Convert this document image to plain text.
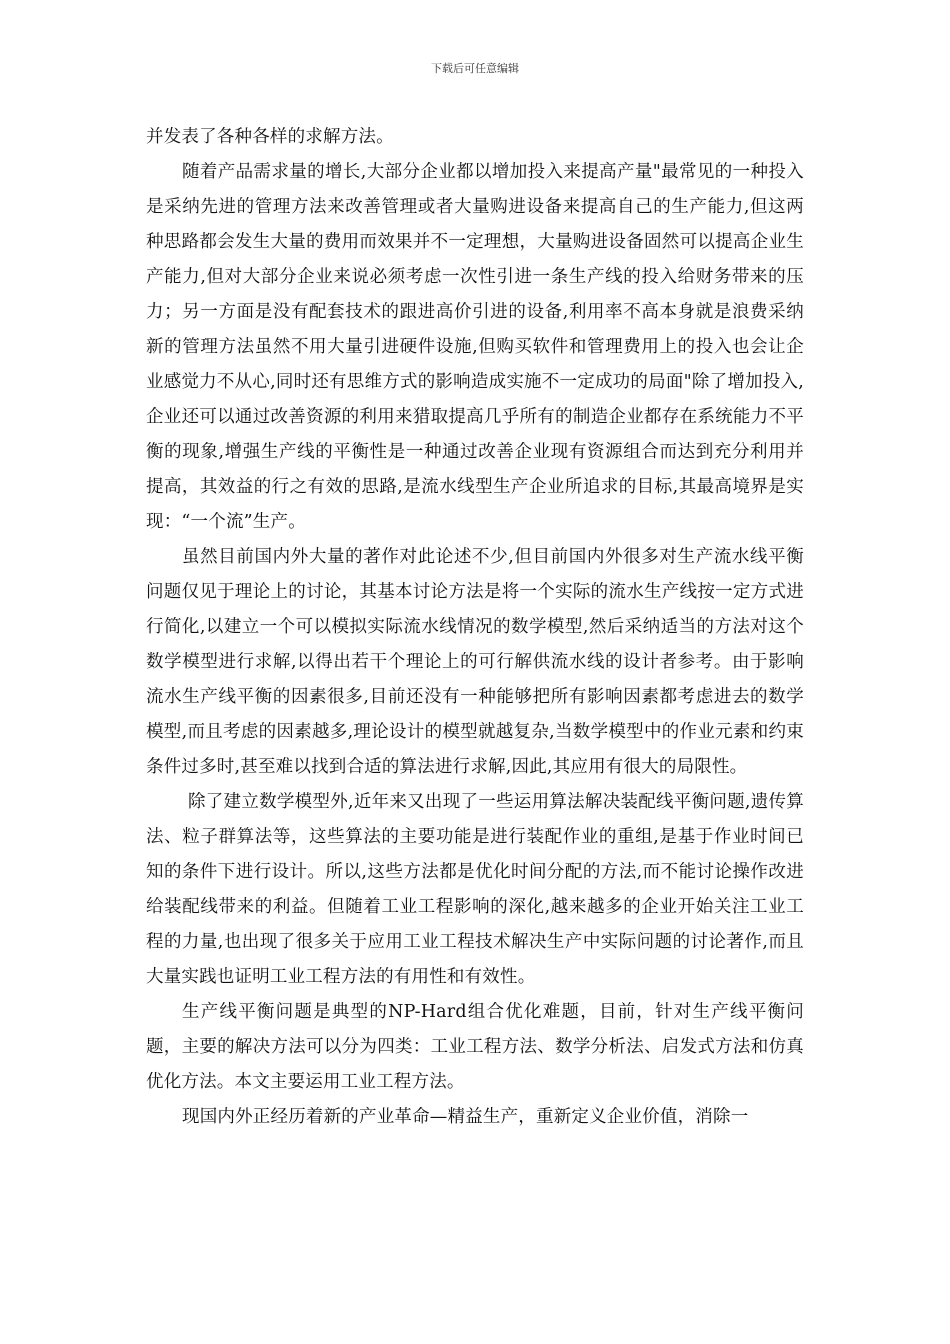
下载后可任意编辑

并发表了各种各样的求解方法。

随着产品需求量的增长,大部分企业都以增加投入来提高产量"最常见的一种投入是采纳先进的管理方法来改善管理或者大量购进设备来提高自己的生产能力,但这两种思路都会发生大量的费用而效果并不一定理想，大量购进设备固然可以提高企业生产能力,但对大部分企业来说必须考虑一次性引进一条生产线的投入给财务带来的压力；另一方面是没有配套技术的跟进高价引进的设备,利用率不高本身就是浪费采纳新的管理方法虽然不用大量引进硬件设施,但购买软件和管理费用上的投入也会让企业感觉力不从心,同时还有思维方式的影响造成实施不一定成功的局面"除了增加投入,企业还可以通过改善资源的利用来猎取提高几乎所有的制造企业都存在系统能力不平衡的现象,增强生产线的平衡性是一种通过改善企业现有资源组合而达到充分利用并提高，其效益的行之有效的思路,是流水线型生产企业所追求的目标,其最高境界是实现：“一个流”生产。

虽然目前国内外大量的著作对此论述不少,但目前国内外很多对生产流水线平衡问题仅见于理论上的讨论，其基本讨论方法是将一个实际的流水生产线按一定方式进行简化,以建立一个可以模拟实际流水线情况的数学模型,然后采纳适当的方法对这个数学模型进行求解,以得出若干个理论上的可行解供流水线的设计者参考。由于影响流水生产线平衡的因素很多,目前还没有一种能够把所有影响因素都考虑进去的数学模型,而且考虑的因素越多,理论设计的模型就越复杂,当数学模型中的作业元素和约束条件过多时,甚至难以找到合适的算法进行求解,因此,其应用有很大的局限性。

除了建立数学模型外,近年来又出现了一些运用算法解决装配线平衡问题,遗传算法、粒子群算法等，这些算法的主要功能是进行装配作业的重组,是基于作业时间已知的条件下进行设计。所以,这些方法都是优化时间分配的方法,而不能讨论操作改进给装配线带来的利益。但随着工业工程影响的深化,越来越多的企业开始关注工业工程的力量,也出现了很多关于应用工业工程技术解决生产中实际问题的讨论著作,而且大量实践也证明工业工程方法的有用性和有效性。

生产线平衡问题是典型的NP-Hard组合优化难题，目前，针对生产线平衡问题，主要的解决方法可以分为四类：工业工程方法、数学分析法、启发式方法和仿真优化方法。本文主要运用工业工程方法。

现国内外正经历着新的产业革命—精益生产，重新定义企业价值，消除一
